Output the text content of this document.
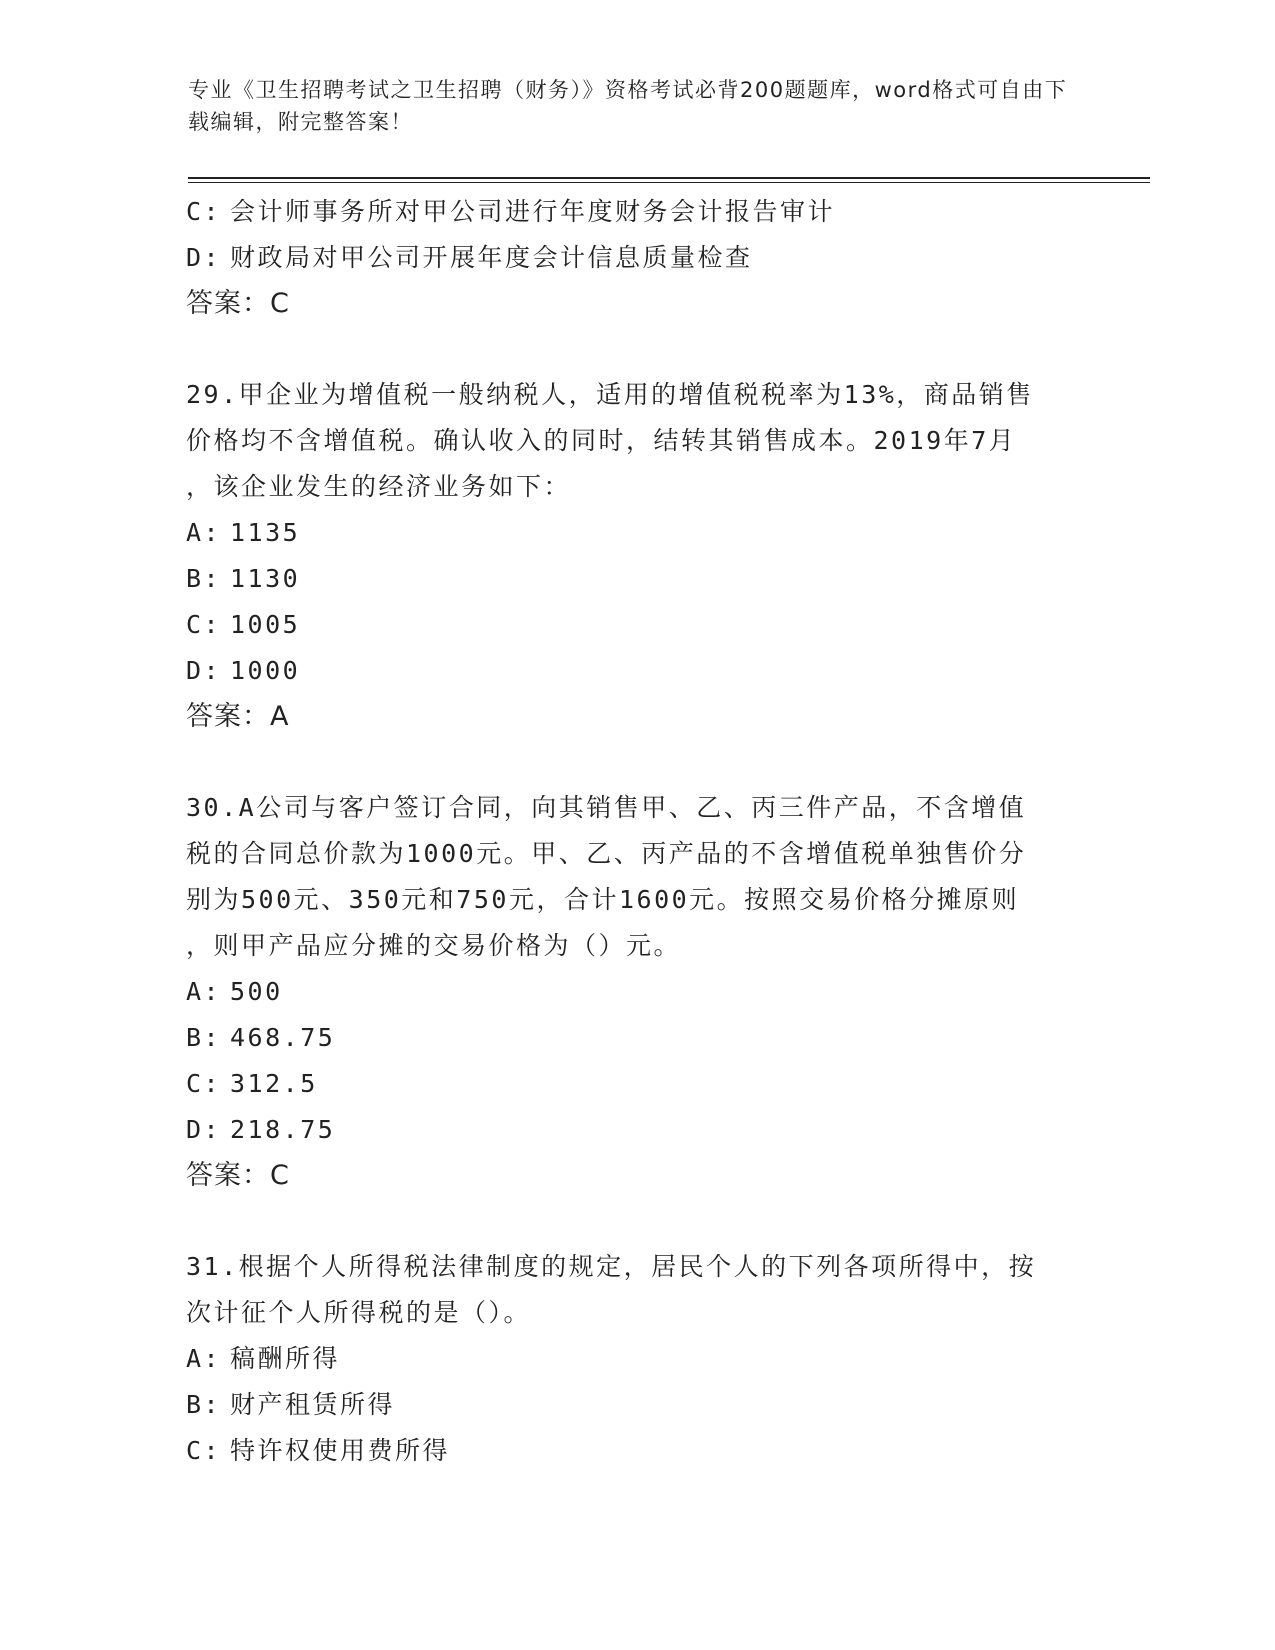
专业《卫生招聘考试之卫生招聘（财务）》资格考试必背200题题库，word格式可自由下载编辑，附完整答案！
C: 会计师事务所对甲公司进行年度财务会计报告审计
D: 财政局对甲公司开展年度会计信息质量检查
答案：C
29.甲企业为增值税一般纳税人，适用的增值税税率为13%，商品销售
价格均不含增值税。确认收入的同时，结转其销售成本。2019年7月
，该企业发生的经济业务如下：
A: 1135
B: 1130
C: 1005
D: 1000
答案：A
30.A公司与客户签订合同，向其销售甲、乙、丙三件产品，不含增值
税的合同总价款为1000元。甲、乙、丙产品的不含增值税单独售价分
别为500元、350元和750元，合计1600元。按照交易价格分摊原则
，则甲产品应分摊的交易价格为（）元。
A: 500
B: 468.75
C: 312.5
D: 218.75
答案：C
31.根据个人所得税法律制度的规定，居民个人的下列各项所得中，按
次计征个人所得税的是（）。
A: 稿酬所得
B: 财产租赁所得
C: 特许权使用费所得
